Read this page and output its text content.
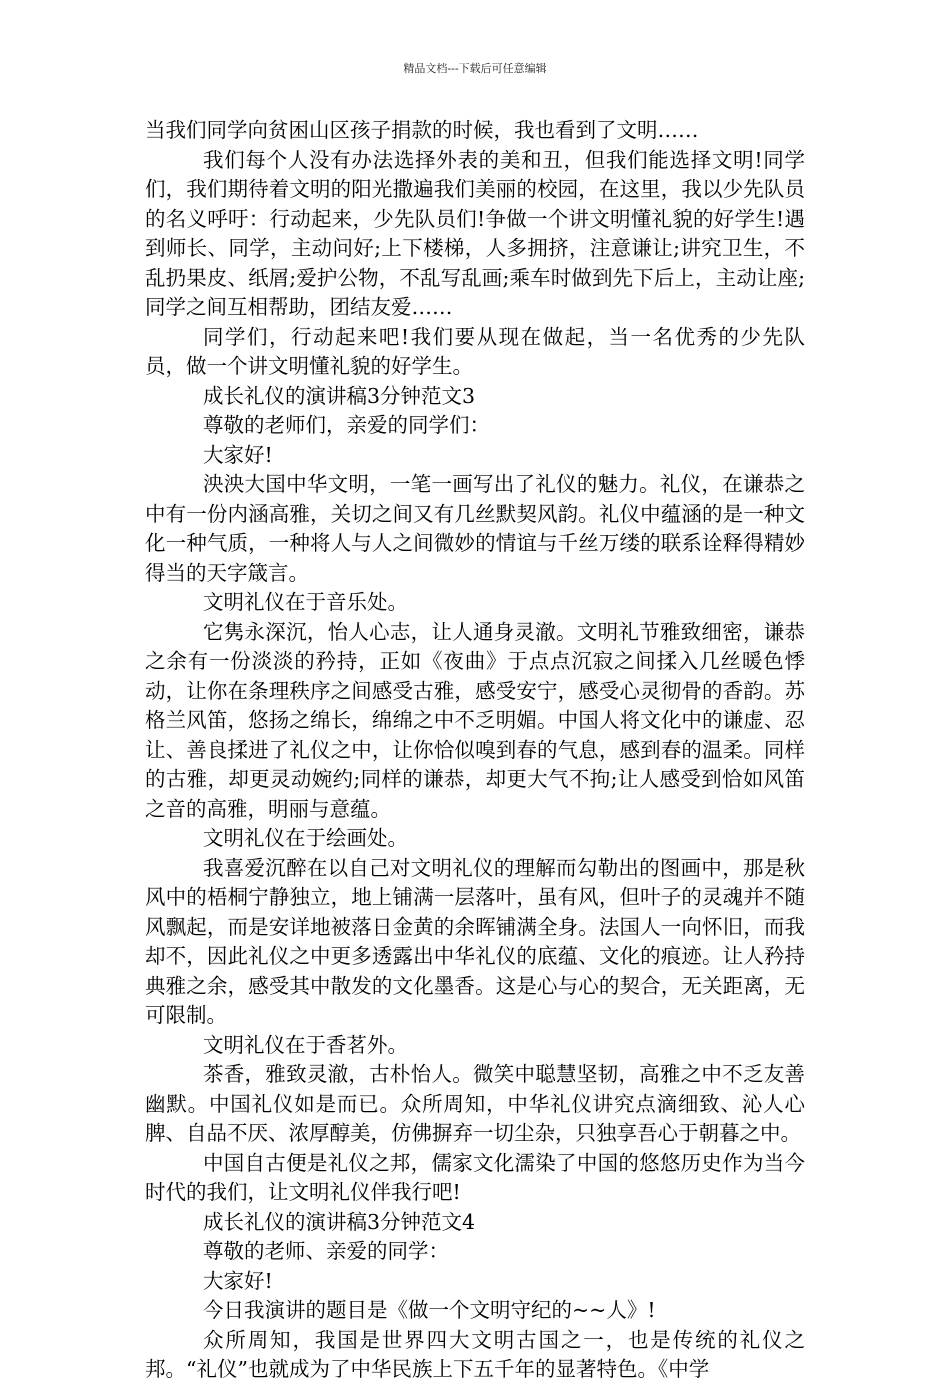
精品文档---下载后可任意编辑

当我们同学向贫困山区孩子捐款的时候，我也看到了文明……

我们每个人没有办法选择外表的美和丑，但我们能选择文明!同学们，我们期待着文明的阳光撒遍我们美丽的校园，在这里，我以少先队员的名义呼吁：行动起来，少先队员们!争做一个讲文明懂礼貌的好学生!遇到师长、同学，主动问好;上下楼梯，人多拥挤，注意谦让;讲究卫生，不乱扔果皮、纸屑;爱护公物，不乱写乱画;乘车时做到先下后上，主动让座;同学之间互相帮助，团结友爱……

同学们，行动起来吧!我们要从现在做起，当一名优秀的少先队员，做一个讲文明懂礼貌的好学生。

成长礼仪的演讲稿3分钟范文3

尊敬的老师们，亲爱的同学们：

大家好!

泱泱大国中华文明，一笔一画写出了礼仪的魅力。礼仪，在谦恭之中有一份内涵高雅，关切之间又有几丝默契风韵。礼仪中蕴涵的是一种文化一种气质，一种将人与人之间微妙的情谊与千丝万缕的联系诠释得精妙得当的天字箴言。

文明礼仪在于音乐处。

它隽永深沉，怡人心志，让人通身灵澈。文明礼节雅致细密，谦恭之余有一份淡淡的矜持，正如《夜曲》于点点沉寂之间揉入几丝暖色悸动，让你在条理秩序之间感受古雅，感受安宁，感受心灵彻骨的香韵。苏格兰风笛，悠扬之绵长，绵绵之中不乏明媚。中国人将文化中的谦虚、忍让、善良揉进了礼仪之中，让你恰似嗅到春的气息，感到春的温柔。同样的古雅，却更灵动婉约;同样的谦恭，却更大气不拘;让人感受到恰如风笛之音的高雅，明丽与意蕴。

文明礼仪在于绘画处。

我喜爱沉醉在以自己对文明礼仪的理解而勾勒出的图画中，那是秋风中的梧桐宁静独立，地上铺满一层落叶，虽有风，但叶子的灵魂并不随风飘起，而是安详地被落日金黄的余晖铺满全身。法国人一向怀旧，而我却不，因此礼仪之中更多透露出中华礼仪的底蕴、文化的痕迹。让人矜持典雅之余，感受其中散发的文化墨香。这是心与心的契合，无关距离，无可限制。

文明礼仪在于香茗外。

茶香，雅致灵澈，古朴怡人。微笑中聪慧坚韧，高雅之中不乏友善幽默。中国礼仪如是而已。众所周知，中华礼仪讲究点滴细致、沁人心脾、自品不厌、浓厚醇美，仿佛摒弃一切尘杂，只独享吾心于朝暮之中。

中国自古便是礼仪之邦，儒家文化濡染了中国的悠悠历史作为当今时代的我们，让文明礼仪伴我行吧!

成长礼仪的演讲稿3分钟范文4

尊敬的老师、亲爱的同学：

大家好!

今日我演讲的题目是《做一个文明守纪的~~人》!

众所周知，我国是世界四大文明古国之一，也是传统的礼仪之邦。“礼仪”也就成为了中华民族上下五千年的显著特色。《中学
